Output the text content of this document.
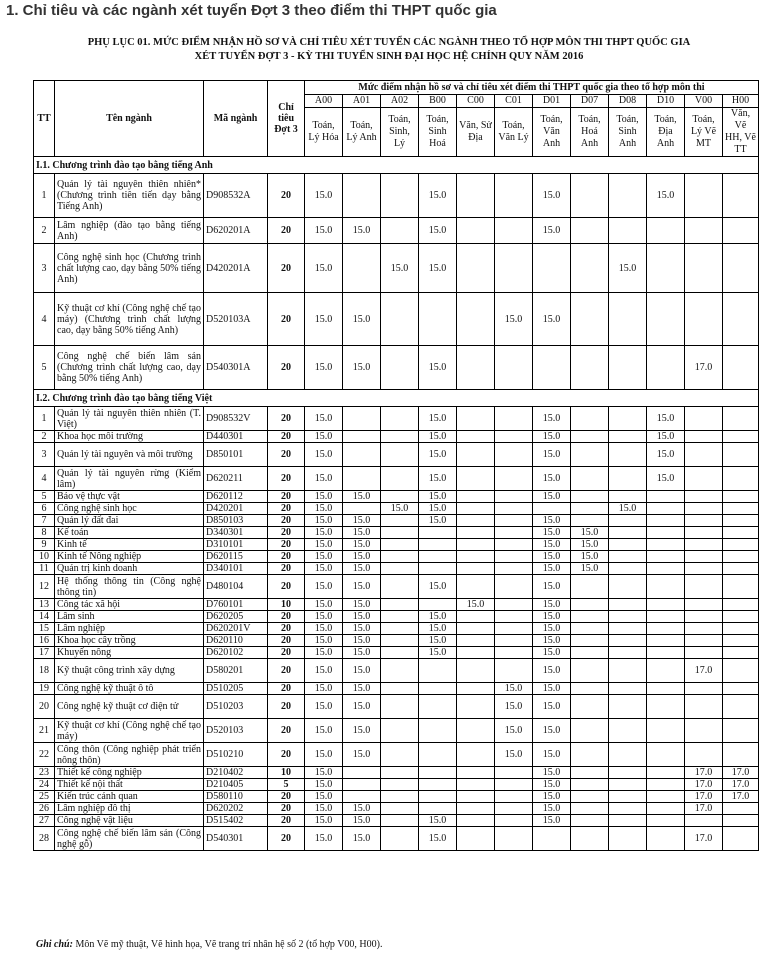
1. Chỉ tiêu và các ngành xét tuyển Đợt 3 theo điểm thi THPT quốc gia
PHỤ LỤC 01. MỨC ĐIỂM NHẬN HỒ SƠ VÀ CHỈ TIÊU XÉT TUYỂN CÁC NGÀNH THEO TỔ HỢP MÔN THI THPT QUỐC GIA
XÉT TUYỂN ĐỢT 3 - KỲ THI TUYỂN SINH ĐẠI HỌC HỆ CHÍNH QUY NĂM 2016
TT	Tên ngành	Mã ngành	Chỉ tiêu Đợt 3	Mức điểm nhận hồ sơ và chỉ tiêu xét điểm thi THPT quốc gia theo tổ hợp môn thi											
				A00	A01	A02	B00	C00	C01	D01	D07	D08	D10	V00	H00
				Toán, Lý Hóa	Toán, Lý Anh	Toán, Sinh, Lý	Toán, Sinh Hoá	Văn, Sử Địa	Toán, Văn Lý	Toán, Văn Anh	Toán, Hoá Anh	Toán, Sinh Anh	Toán, Địa Anh	Toán, Lý Vẽ MT	Văn, Vẽ HH, Vẽ TT
I.1. Chương trình đào tạo bằng tiếng Anh															
1	Quản lý tài nguyên thiên nhiên* (Chương trình tiên tiến dạy bằng Tiếng Anh)	D908532A	20	15.0			15.0			15.0			15.0		
2	Lâm nghiệp (đào tạo bằng tiếng Anh)	D620201A	20	15.0	15.0		15.0			15.0					
3	Công nghệ sinh học (Chương trình chất lượng cao, dạy bằng 50% tiếng Anh)	D420201A	20	15.0		15.0	15.0					15.0			
4	Kỹ thuật cơ khí (Công nghệ chế tạo máy) (Chương trình chất lượng cao, dạy bằng 50% tiếng Anh)	D520103A	20	15.0	15.0				15.0	15.0					
5	Công nghệ chế biến lâm sản (Chương trình chất lượng cao, dạy bằng 50% tiếng Anh)	D540301A	20	15.0	15.0		15.0							17.0	
I.2. Chương trình đào tạo bằng tiếng Việt															
1	Quản lý tài nguyên thiên nhiên (T. Việt)	D908532V	20	15.0			15.0			15.0			15.0		
2	Khoa học môi trường	D440301	20	15.0			15.0			15.0			15.0		
3	Quản lý tài nguyên và môi trường	D850101	20	15.0			15.0			15.0			15.0		
4	Quản lý tài nguyên rừng (Kiểm lâm)	D620211	20	15.0			15.0			15.0			15.0		
5	Bảo vệ thực vật	D620112	20	15.0	15.0		15.0			15.0					
6	Công nghệ sinh học	D420201	20	15.0		15.0	15.0					15.0			
7	Quản lý đất đai	D850103	20	15.0	15.0		15.0			15.0					
8	Kế toán	D340301	20	15.0	15.0					15.0	15.0				
9	Kinh tế	D310101	20	15.0	15.0					15.0	15.0				
10	Kinh tế Nông nghiệp	D620115	20	15.0	15.0					15.0	15.0				
11	Quản trị kinh doanh	D340101	20	15.0	15.0					15.0	15.0				
12	Hệ thống thông tin (Công nghệ thông tin)	D480104	20	15.0	15.0		15.0			15.0					
13	Công tác xã hội	D760101	10	15.0	15.0			15.0		15.0					
14	Lâm sinh	D620205	20	15.0	15.0		15.0			15.0					
15	Lâm nghiệp	D620201V	20	15.0	15.0		15.0			15.0					
16	Khoa học cây trồng	D620110	20	15.0	15.0		15.0			15.0					
17	Khuyến nông	D620102	20	15.0	15.0		15.0			15.0					
18	Kỹ thuật công trình xây dựng	D580201	20	15.0	15.0					15.0				17.0	
19	Công nghệ kỹ thuật ô tô	D510205	20	15.0	15.0				15.0	15.0					
20	Công nghệ kỹ thuật cơ điện tử	D510203	20	15.0	15.0				15.0	15.0					
21	Kỹ thuật cơ khí (Công nghệ chế tạo máy)	D520103	20	15.0	15.0				15.0	15.0					
22	Công thôn (Công nghiệp phát triển nông thôn)	D510210	20	15.0	15.0				15.0	15.0					
23	Thiết kế công nghiệp	D210402	10	15.0						15.0				17.0	17.0
24	Thiết kế nội thất	D210405	5	15.0						15.0				17.0	17.0
25	Kiến trúc cảnh quan	D580110	20	15.0						15.0				17.0	17.0
26	Lâm nghiệp đô thị	D620202	20	15.0	15.0					15.0				17.0	
27	Công nghệ vật liệu	D515402	20	15.0	15.0		15.0			15.0					
28	Công nghệ chế biến lâm sản (Công nghệ gỗ)	D540301	20	15.0	15.0		15.0							17.0	
Ghi chú: Môn Vẽ mỹ thuật, Vẽ hình họa, Vẽ trang trí nhân hệ số 2 (tổ hợp V00, H00).
